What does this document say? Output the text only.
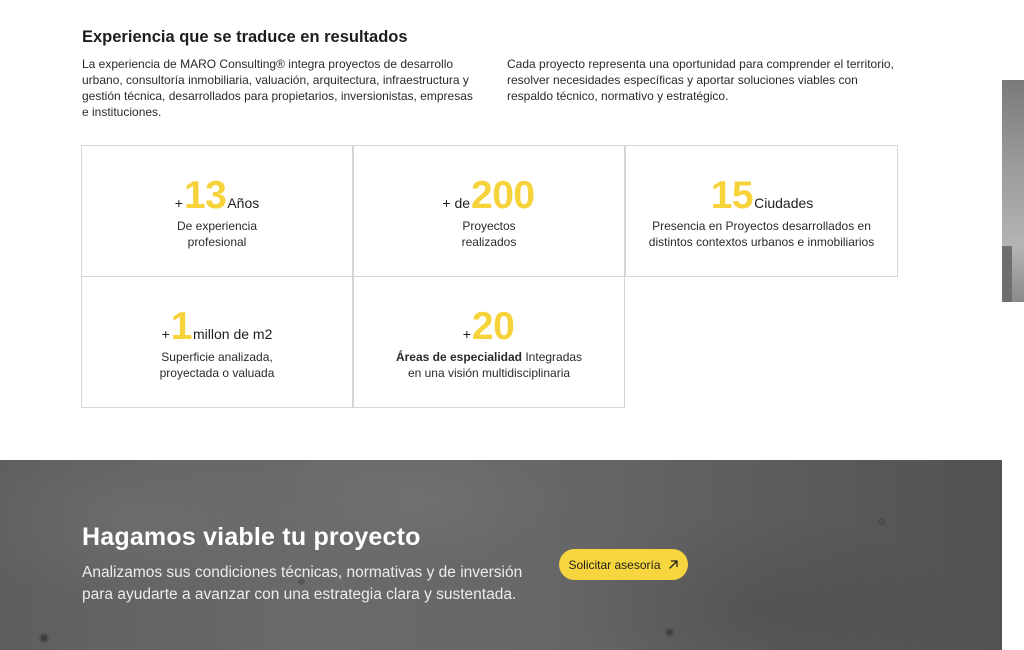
Experiencia que se traduce en resultados

La experiencia de MARO Consulting® integra proyectos de desarrollo urbano, consultoría inmobiliaria, valuación, arquitectura, infraestructura y gestión técnica, desarrollados para propietarios, inversionistas, empresas e instituciones.

Cada proyecto representa una oportunidad para comprender el territorio, resolver necesidades específicas y aportar soluciones viables con respaldo técnico, normativo y estratégico.

+ 13 Años
De experiencia
profesional
+ de 200
Proyectos
realizados
15 Ciudades
Presencia en Proyectos desarrollados en
distintos contextos urbanos e inmobiliarios
+ 1 millon de m2
Superficie analizada,
proyectada o valuada
+ 20
Áreas de especialidad Integradas
en una visión multidisciplinaria
Hagamos viable tu proyecto

Analizamos sus condiciones técnicas, normativas y de inversión para ayudarte a avanzar con una estrategia clara y sustentada.

Solicitar asesoría
